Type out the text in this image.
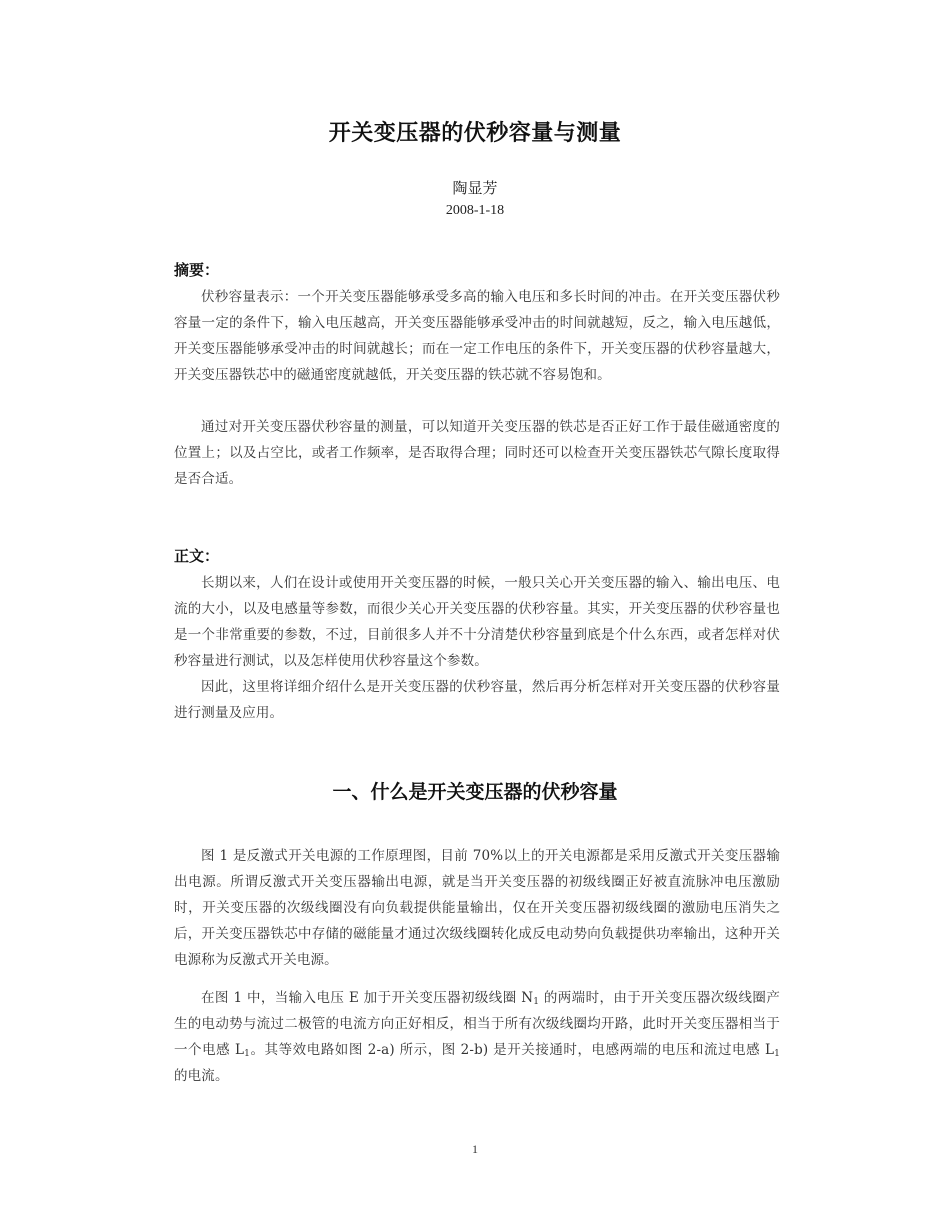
开关变压器的伏秒容量与测量
陶显芳
2008-1-18
摘要：

伏秒容量表示：一个开关变压器能够承受多高的输入电压和多长时间的冲击。在开关变压器伏秒容量一定的条件下，输入电压越高，开关变压器能够承受冲击的时间就越短，反之，输入电压越低，开关变压器能够承受冲击的时间就越长；而在一定工作电压的条件下，开关变压器的伏秒容量越大，开关变压器铁芯中的磁通密度就越低，开关变压器的铁芯就不容易饱和。

通过对开关变压器伏秒容量的测量，可以知道开关变压器的铁芯是否正好工作于最佳磁通密度的位置上；以及占空比，或者工作频率，是否取得合理；同时还可以检查开关变压器铁芯气隙长度取得是否合适。

正文：

长期以来，人们在设计或使用开关变压器的时候，一般只关心开关变压器的输入、输出电压、电流的大小，以及电感量等参数，而很少关心开关变压器的伏秒容量。其实，开关变压器的伏秒容量也是一个非常重要的参数，不过，目前很多人并不十分清楚伏秒容量到底是个什么东西，或者怎样对伏秒容量进行测试，以及怎样使用伏秒容量这个参数。

因此，这里将详细介绍什么是开关变压器的伏秒容量，然后再分析怎样对开关变压器的伏秒容量进行测量及应用。

一、什么是开关变压器的伏秒容量

图 1 是反激式开关电源的工作原理图，目前 70%以上的开关电源都是采用反激式开关变压器输出电源。所谓反激式开关变压器输出电源，就是当开关变压器的初级线圈正好被直流脉冲电压激励时，开关变压器的次级线圈没有向负载提供能量输出，仅在开关变压器初级线圈的激励电压消失之后，开关变压器铁芯中存储的磁能量才通过次级线圈转化成反电动势向负载提供功率输出，这种开关电源称为反激式开关电源。

在图 1 中，当输入电压 E 加于开关变压器初级线圈 $N_1$ 的两端时，由于开关变压器次级线圈产生的电动势与流过二极管的电流方向正好相反，相当于所有次级线圈均开路，此时开关变压器相当于一个电感 $L_1$。其等效电路如图 2-a) 所示，图 2-b) 是开关接通时，电感两端的电压和流过电感 $L_1$ 的电流。

1
